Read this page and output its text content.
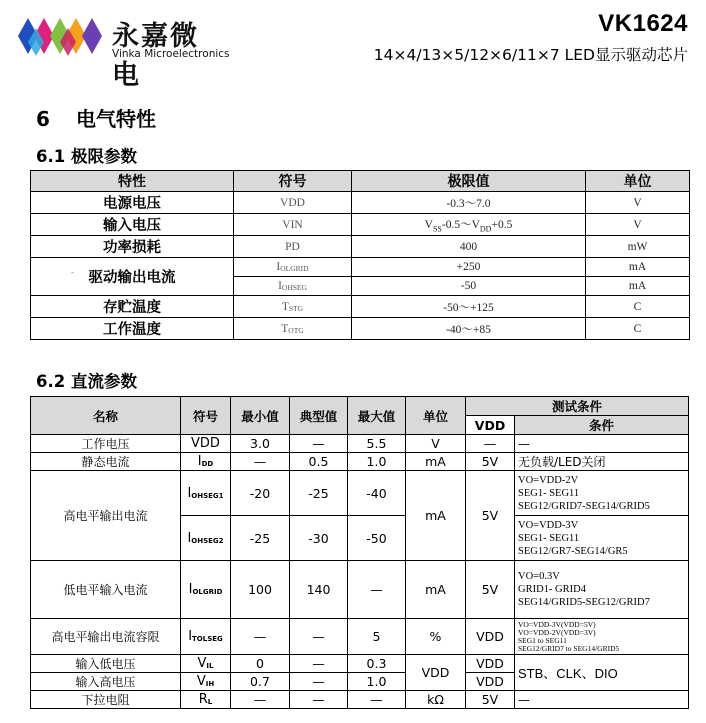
永嘉微电
Vinka Microelectronics
VK1624
14×4/13×5/12×6/11×7 LED显示驱动芯片
6 电气特性
6.1 极限参数
特性	符号	极限值	单位
电源电压	VDD	-0.3～7.0	V
输入电压	VIN	$V_{SS}-0.5\sim V_{DD}+0.5$	V
功率损耗	PD	400	mW

- 驱动输出电流	$I_{OLGRID}$	+250	mA
	$I_{OHSEG}$	-50	mA
存贮温度	$T_{STG}$	-50～+125	C
工作温度	$T_{OTG}$	-40～+85	C
6.2 直流参数
名称	符号	最小值	典型值	最大值	单位	测试条件	
						VDD	条件
工作电压	VDD	3.0	—	5.5	V	—	—
静态电流	$I_{DD}$	—	0.5	1.0	mA	5V	无负载/LED关闭
高电平输出电流	$I_{OHSEG1}$	-20	-25	-40	mA	5V	VO=VDD-2V
SEG1- SEG11
SEG12/GRID7-SEG14/GRID5

	$I_{OHSEG2}$	-25	-30	-50			VO=VDD-3V
SEG1- SEG11
SEG12/GR7-SEG14/GR5

低电平输入电流	$I_{OLGRID}$	100	140	—	mA	5V	VO=0.3V
GRID1- GRID4
SEG14/GRID5-SEG12/GRID7

高电平输出电流容限	$I_{TOLSEG}$	—	—	5	%	VDD	VO=VDD-3V(VDD=5V)
VO=VDD-2V(VDD=3V)
SEG1 to SEG11
SEG12/GRID7 to SEG14/GRID5

输入低电压	$V_{IL}$	0	—	0.3	VDD	VDD	STB、CLK、DIO
输入高电压	$V_{IH}$	0.7	—	1.0		VDD	
下拉电阻	$R_L$	—	—	—	kΩ	5V	—
